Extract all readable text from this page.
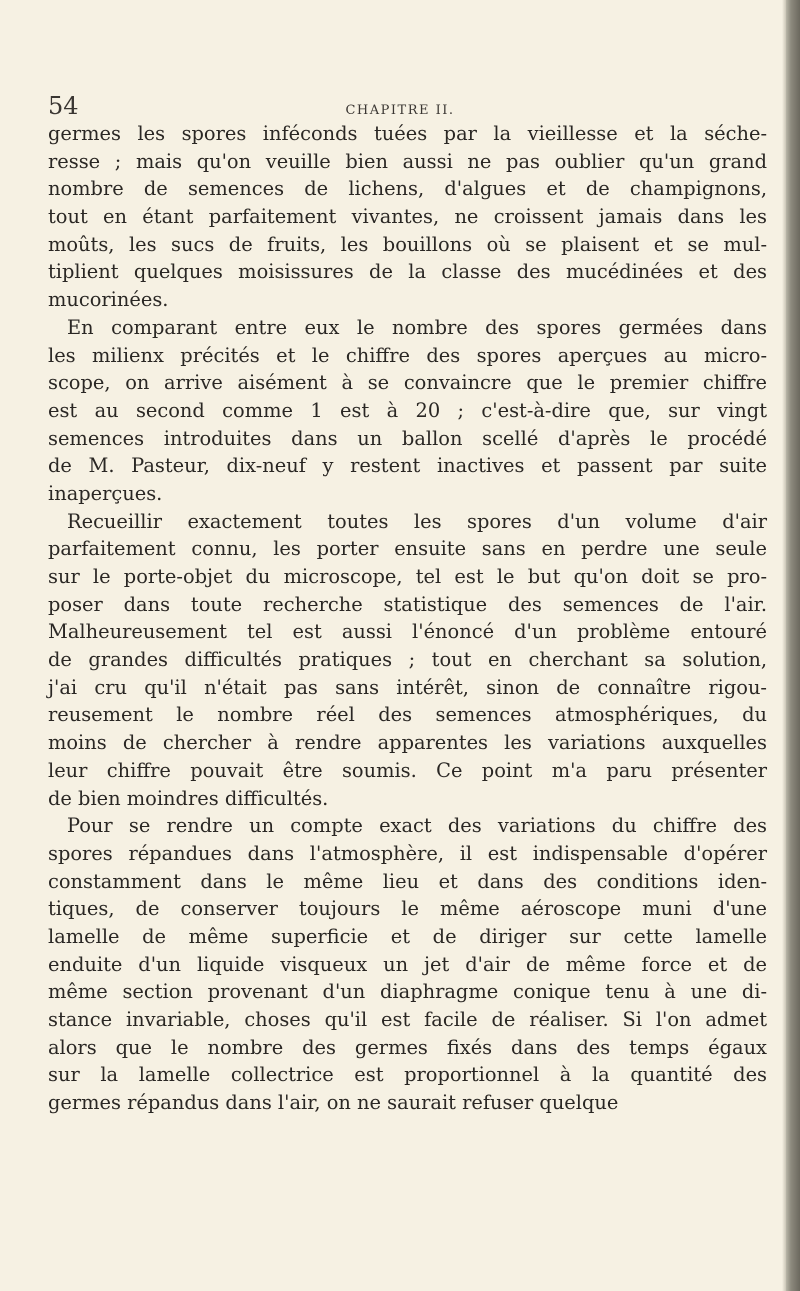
54	CHAPITRE II.
germes les spores inféconds tuées par la vieillesse et la séche-
resse ; mais qu'on veuille bien aussi ne pas oublier qu'un grand
nombre de semences de lichens, d'algues et de champignons,
tout en étant parfaitement vivantes, ne croissent jamais dans les
moûts, les sucs de fruits, les bouillons où se plaisent et se mul-
tiplient quelques moisissures de la classe des mucédinées et des
mucorinées.
En comparant entre eux le nombre des spores germées dans
les milienx précités et le chiffre des spores aperçues au micro-
scope, on arrive aisément à se convaincre que le premier chiffre
est au second comme 1 est à 20 ; c'est-à-dire que, sur vingt
semences introduites dans un ballon scellé d'après le procédé
de M. Pasteur, dix-neuf y restent inactives et passent par suite
inaperçues.
Recueillir exactement toutes les spores d'un volume d'air
parfaitement connu, les porter ensuite sans en perdre une seule
sur le porte-objet du microscope, tel est le but qu'on doit se pro-
poser dans toute recherche statistique des semences de l'air.
Malheureusement tel est aussi l'énoncé d'un problème entouré
de grandes difficultés pratiques ; tout en cherchant sa solution,
j'ai cru qu'il n'était pas sans intérêt, sinon de connaître rigou-
reusement le nombre réel des semences atmosphériques, du
moins de chercher à rendre apparentes les variations auxquelles
leur chiffre pouvait être soumis. Ce point m'a paru présenter
de bien moindres difficultés.
Pour se rendre un compte exact des variations du chiffre des
spores répandues dans l'atmosphère, il est indispensable d'opérer
constamment dans le même lieu et dans des conditions iden-
tiques, de conserver toujours le même aéroscope muni d'une
lamelle de même superficie et de diriger sur cette lamelle
enduite d'un liquide visqueux un jet d'air de même force et de
même section provenant d'un diaphragme conique tenu à une di-
stance invariable, choses qu'il est facile de réaliser. Si l'on admet
alors que le nombre des germes fixés dans des temps égaux
sur la lamelle collectrice est proportionnel à la quantité des
germes répandus dans l'air, on ne saurait refuser quelque
